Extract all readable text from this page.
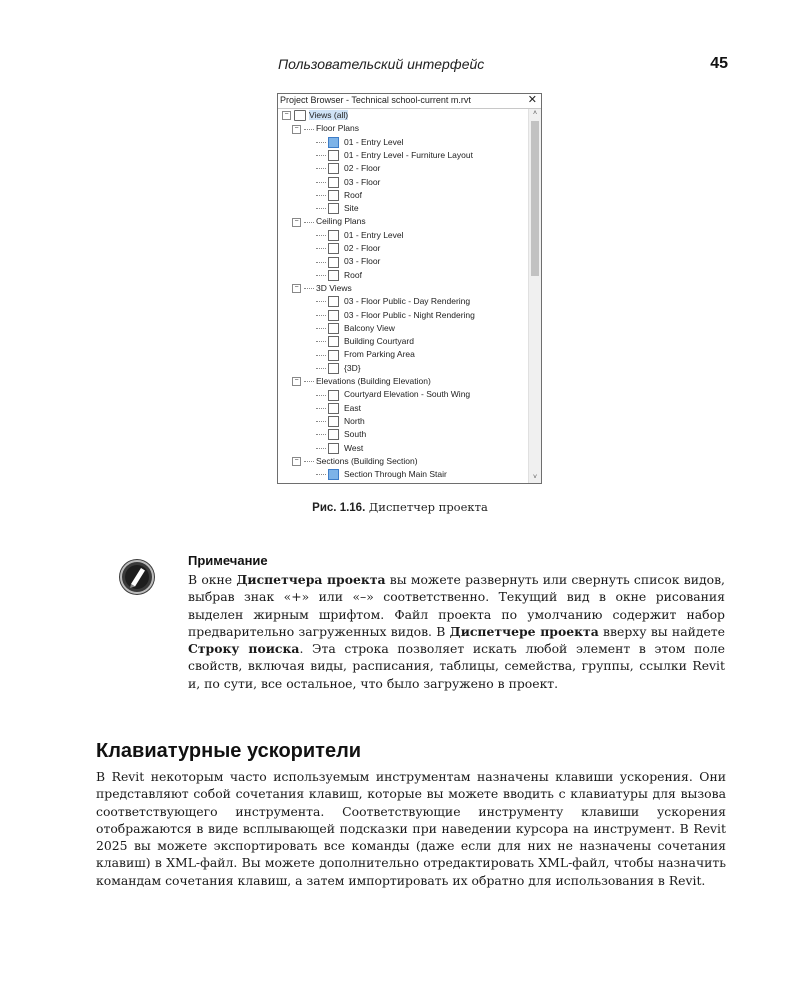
Пользовательский интерфейс	45
Project Browser - Technical school-current m.rvt	✕
− Views (all)
− Floor Plans
01 - Entry Level
01 - Entry Level - Furniture Layout
02 - Floor
03 - Floor
Roof
Site
− Ceiling Plans
01 - Entry Level
02 - Floor
03 - Floor
Roof
− 3D Views
03 - Floor Public - Day Rendering
03 - Floor Public - Night Rendering
Balcony View
Building Courtyard
From Parking Area
{3D}
− Elevations (Building Elevation)
Courtyard Elevation - South Wing
East
North
South
West
− Sections (Building Section)
Section Through Main Stair
˄
˅
Рис. 1.16. Диспетчер проекта

Примечание

В окне Диспетчера проекта вы можете развернуть или свернуть список видов, выбрав знак «+» или «–» соответственно. Текущий вид в окне рисования выделен жирным шрифтом. Файл проекта по умолчанию содержит набор предварительно загруженных видов. В Диспетчере проекта вверху вы найдете Строку поиска. Эта строка позволяет искать любой элемент в этом поле свойств, включая виды, расписания, таблицы, семейства, группы, ссылки Revit и, по сути, все остальное, что было загружено в проект.

Клавиатурные ускорители

В Revit некоторым часто используемым инструментам назначены клавиши ускорения. Они представляют собой сочетания клавиш, которые вы можете вводить с клавиатуры для вызова соответствующего инструмента. Соответствующие инструменту клавиши ускорения отображаются в виде всплывающей подсказки при наведении курсора на инструмент. В Revit 2025 вы можете экспортировать все команды (даже если для них не назначены сочетания клавиш) в XML-файл. Вы можете дополнительно отредактировать XML-файл, чтобы назначить командам сочетания клавиш, а затем импортировать их обратно для использования в Revit.
